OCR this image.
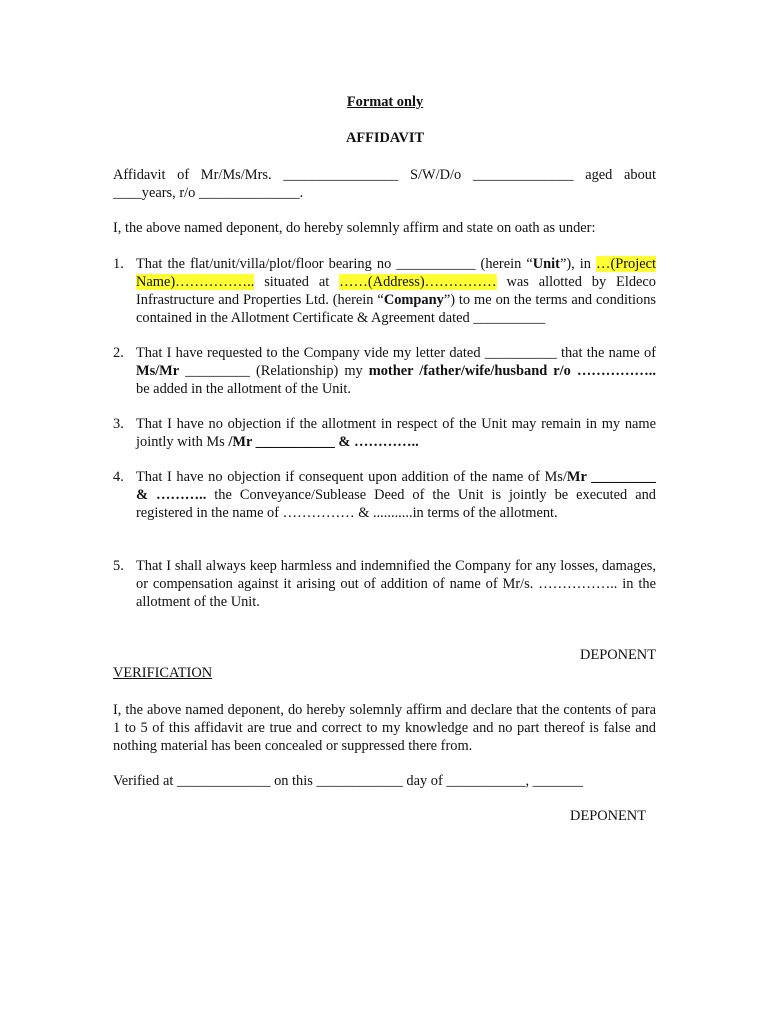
Format only
AFFIDAVIT
Affidavit of Mr/Ms/Mrs. ________________ S/W/D/o ______________ aged about ____years, r/o ______________.
I, the above named deponent, do hereby solemnly affirm and state on oath as under:
1. That the flat/unit/villa/plot/floor bearing no ___________ (herein “Unit”), in …(Project Name)…………….. situated at ……(Address)…………… was allotted by Eldeco Infrastructure and Properties Ltd. (herein “Company”) to me on the terms and conditions contained in the Allotment Certificate & Agreement dated __________
2. That I have requested to the Company vide my letter dated __________ that the name of Ms/Mr _________ (Relationship) my mother /father/wife/husband r/o …………….. be added in the allotment of the Unit.
3. That I have no objection if the allotment in respect of the Unit may remain in my name jointly with Ms /Mr ___________ & …………..
4. That I have no objection if consequent upon addition of the name of Ms/Mr _________ & ……….. the Conveyance/Sublease Deed of the Unit is jointly be executed and registered in the name of …………… & ...........in terms of the allotment.
5. That I shall always keep harmless and indemnified the Company for any losses, damages, or compensation against it arising out of addition of name of Mr/s. …………….. in the allotment of the Unit.
DEPONENT
VERIFICATION
I, the above named deponent, do hereby solemnly affirm and declare that the contents of para 1 to 5 of this affidavit are true and correct to my knowledge and no part thereof is false and nothing material has been concealed or suppressed there from.
Verified at _____________ on this ____________ day of ___________, _______
DEPONENT
